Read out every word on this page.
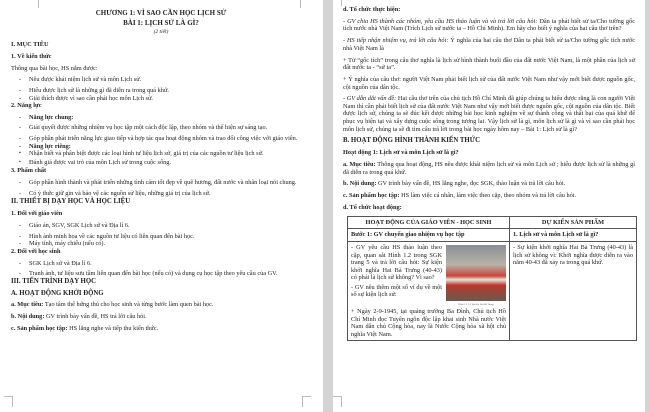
CHƯƠNG 1: VÌ SAO CẦN HỌC LỊCH SỬ

BÀI 1: LỊCH SỬ LÀ GÌ?

(2 tiết)

I. MỤC TIÊU

1. Về kiến thức

Thông qua bài học, HS nắm được:

- Nêu được khái niệm lịch sử và môn Lịch sử.

- Hiểu được lịch sử là những gì đã diễn ra trong quá khứ.

- Giải thích được vì sao cần phải học môn Lịch sử.

2. Năng lực

- Năng lực chung:

- Giải quyết được những nhiệm vụ học tập một cách độc lập, theo nhóm và thể hiện sự sáng tạo.

- Góp phần phát triển năng lực giao tiếp và hợp tác qua hoạt động nhóm và trao đổi công việc với giáo viên.

- Năng lực riêng:

▪ Nhận biết và phân biệt được các loại hình tư liệu lịch sử, giá trị của các nguồn tư liệu lịch sử.

▪ Đánh giá được vai trò của môn Lịch sử trong cuộc sống.

3. Phẩm chất

- Góp phần hình thành và phát triển những tình cảm tốt đẹp về quê hương, đất nước và nhân loại nói chung.

- Có ý thức giữ gìn và bảo vệ các nguồn sử liệu, những giá trị của lịch sử.

II. THIẾT BỊ DẠY HỌC VÀ HỌC LIỆU

1. Đối với giáo viên

- Giáo án, SGV, SGK Lịch sử và Địa lí 6.

- Hình ảnh minh họa về các nguồn tư liệu có liên quan đến bài học.

- Máy tính, máy chiếu (nếu có).

2. Đối với học sinh

- SGK Lịch sử và Địa lí 6.

- Tranh ảnh, tư liệu sưu tầm liên quan đến bài học (nếu có) và dụng cụ học tập theo yêu cầu của GV.

III. TIẾN TRÌNH DẠY HỌC

A. HOẠT ĐỘNG KHỞI ĐỘNG

a. Mục tiêu: Tạo tâm thế hứng thú cho học sinh và từng bước làm quen bài học.

b. Nội dung: GV trình bày vấn đề, HS trả lời câu hỏi.

c. Sản phẩm học tập: HS lắng nghe và tiếp thu kiến thức.

d. Tổ chức thực hiện:

- GV chia HS thành các nhóm, yêu cầu HS thảo luận và và trả lời câu hỏi: Dân ta phải biết sử ta/Cho tường gốc tích nước nhà Việt Nam (Trích Lịch sử nước ta – Hồ Chí Minh). Em hãy cho biết ý nghĩa của hai câu thơ trên?

- HS tiếp nhận nhiệm vụ, trả lời câu hỏi: Ý nghĩa của hai câu thơ Dân ta phải biết sử ta/Cho tường gốc tích nước nhà Việt Nam là

+ Từ “gốc tích” trong câu thơ nghĩa là lịch sử hình thành buổi đầu của đất nước Việt Nam, là một phần của lịch sử đất nước ta - “sử ta”.

+ Ý nghĩa của câu thơ: người Việt Nam phải biết lịch sử của đất nước Việt Nam như vậy mới biết được nguồn gốc, cội nguồn của dân tộc.

- GV dẫn dắt vấn đề: Hai câu thơ trên của chủ tịch Hồ Chí Minh đã giúp chúng ta hiểu được rằng là con người Việt Nam thì cần phải biết lịch sử của đất nước Việt Nam như vậy mới biết được nguồn gốc, cội nguồn của dân tộc. Biết được lịch sử, chúng ta sẽ đúc kết được những bài học kinh nghiệm về sự thành công và thất bại của quá khứ để phục vụ hiện tại và xây dựng cuộc sống trong tương lai. Vậy lịch sử là gì, môn lịch sử là gì và vì sao cần phải học môn lịch sử, chúng ta sẽ đi tìm câu trả lời trong bài học ngày hôm nay – Bài 1: Lịch sử là gì?

B. HOẠT ĐỘNG HÌNH THÀNH KIẾN THỨC

Hoạt động 1: Lịch sử và môn Lịch sử là gì?

a. Mục tiêu: Thông qua hoạt động, HS nêu được khái niệm lịch sử và môn Lịch sử ; hiểu được lịch sử là những gì đã diễn ra trong quá khứ.

b. Nội dung: GV trình bày vấn đề, HS lắng nghe, đọc SGK, thảo luận và trả lời câu hỏi.

c. Sản phẩm học tập: HS làm việc cá nhân, làm việc theo cặp, theo nhóm và trả lời câu hỏi.

d. Tổ chức hoạt động:

HOẠT ĐỘNG CỦA GIÁO VIÊN - HỌC SINH	DỰ KIẾN SẢN PHẨM
Bước 1: GV chuyển giao nhiệm vụ học tập	1. Lịch sử và môn Lịch sử là gì?

Hình 1.2. Lễ hội đền Hai Bà Trưng

- GV yêu cầu HS thảo luận theo cặp, quan sát Hình 1.2 trong SGK trang 5 và trả lời câu hỏi: Sự kiện khởi nghĩa Hai Bà Trưng (40-43) có phải là lịch sử không? Vì sao?

- GV nêu thêm một số ví dụ về một số sự kiện lịch sử:

+ Ngày 2-9-1945, tại quảng trường Ba Đình, Chủ tịch Hồ Chí Minh đọc Tuyên ngôn độc lập khai sinh Nhà nước Việt Nam dân chủ Cộng hòa, nay là Nước Cộng hòa xã hội chủ nghĩa Việt Nam.	- Sự kiện khởi nghĩa Hai Bà Trưng (40-43) là lịch sử không vì: Khởi nghĩa được diễn ra vào năm 40-43 đã xảy ra trong quá khứ.
